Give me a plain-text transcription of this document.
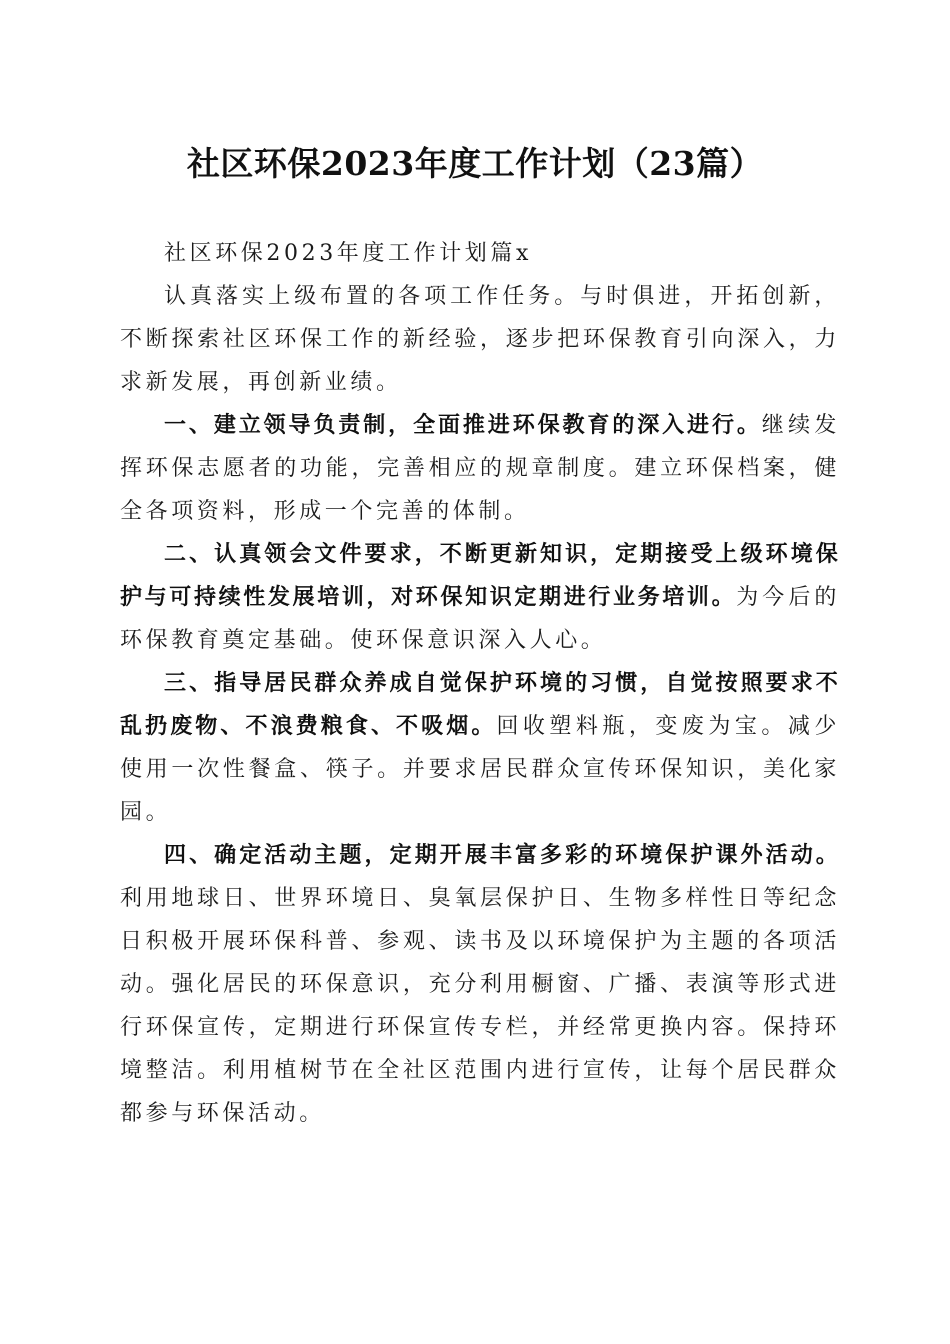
社区环保2023年度工作计划（23篇）

社区环保2023年度工作计划篇x

认真落实上级布置的各项工作任务。与时俱进，开拓创新，不断探索社区环保工作的新经验，逐步把环保教育引向深入，力求新发展，再创新业绩。

一、建立领导负责制，全面推进环保教育的深入进行。继续发挥环保志愿者的功能，完善相应的规章制度。建立环保档案，健全各项资料，形成一个完善的体制。

二、认真领会文件要求，不断更新知识，定期接受上级环境保护与可持续性发展培训，对环保知识定期进行业务培训。为今后的环保教育奠定基础。使环保意识深入人心。

三、指导居民群众养成自觉保护环境的习惯，自觉按照要求不乱扔废物、不浪费粮食、不吸烟。回收塑料瓶，变废为宝。减少使用一次性餐盒、筷子。并要求居民群众宣传环保知识，美化家园。

四、确定活动主题，定期开展丰富多彩的环境保护课外活动。利用地球日、世界环境日、臭氧层保护日、生物多样性日等纪念日积极开展环保科普、参观、读书及以环境保护为主题的各项活动。强化居民的环保意识，充分利用橱窗、广播、表演等形式进行环保宣传，定期进行环保宣传专栏，并经常更换内容。保持环境整洁。利用植树节在全社区范围内进行宣传，让每个居民群众都参与环保活动。
